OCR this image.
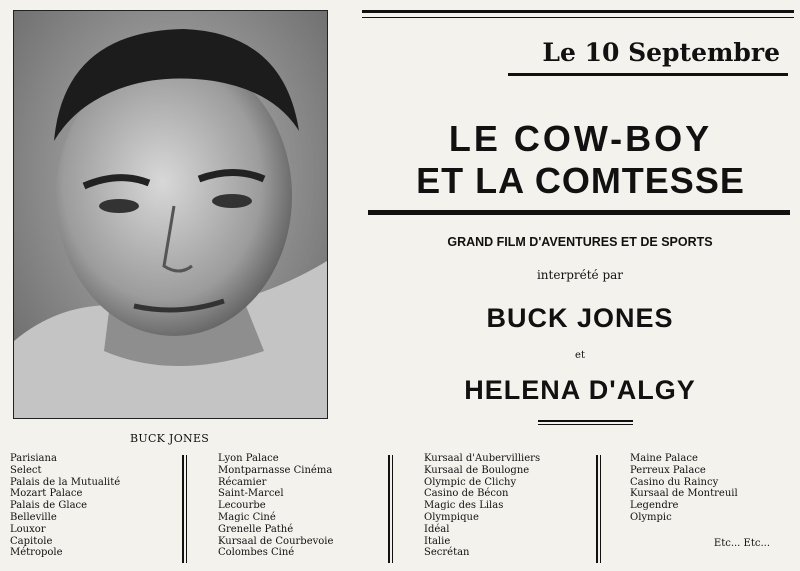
BUCK JONES
Le 10 Septembre
LE COW-BOY
ET LA COMTESSE
GRAND FILM D'AVENTURES ET DE SPORTS
interprété par
BUCK JONES
et
HELENA D'ALGY
Parisiana
Select
Palais de la Mutualité
Mozart Palace
Palais de Glace
Belleville
Louxor
Capitole
Métropole
Lyon Palace
Montparnasse Cinéma
Récamier
Saint-Marcel
Lecourbe
Magic Ciné
Grenelle Pathé
Kursaal de Courbevoie
Colombes Ciné
Kursaal d'Aubervilliers
Kursaal de Boulogne
Olympic de Clichy
Casino de Bécon
Magic des Lilas
Olympique
Idéal
Italie
Secrétan
Maine Palace
Perreux Palace
Casino du Raincy
Kursaal de Montreuil
Legendre
Olympic
Etc... Etc...
